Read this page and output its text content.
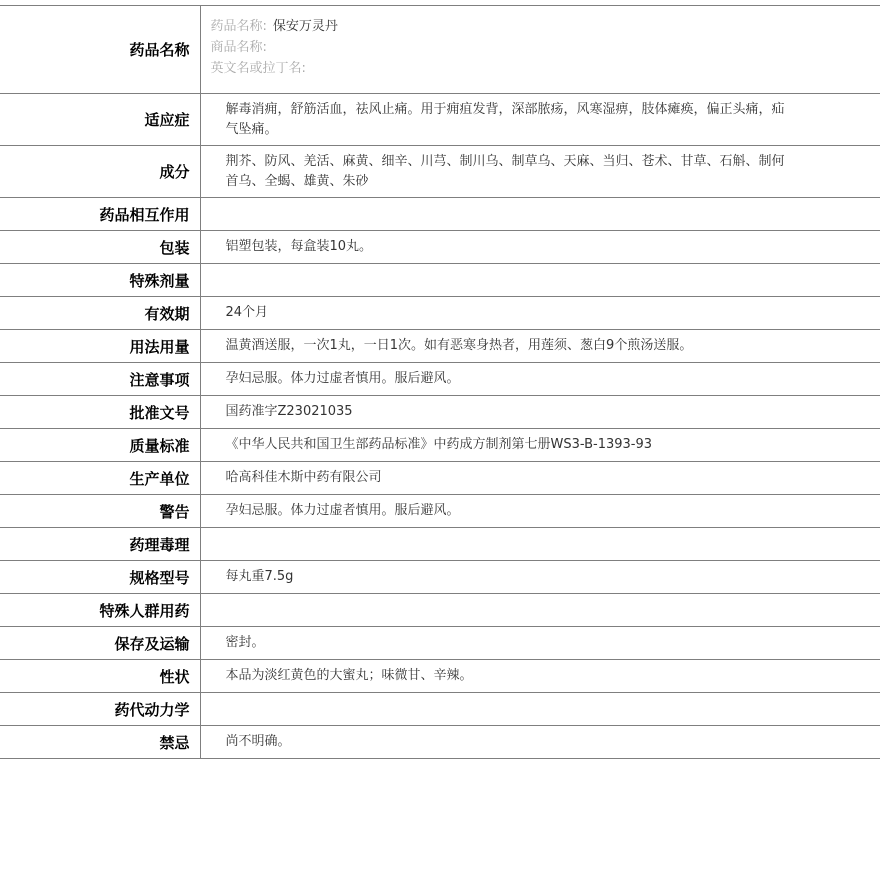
药品名称	药品名称: 保安万灵丹
商品名称:
英文名或拉丁名:

适应症	解毒消痈，舒筋活血，祛风止痛。用于痈疽发背，深部脓疡，风寒湿痹，肢体瘫痪，偏正头痛，疝气坠痛。
成分	荆芥、防风、羌活、麻黄、细辛、川芎、制川乌、制草乌、天麻、当归、苍术、甘草、石斛、制何首乌、全蝎、雄黄、朱砂
药品相互作用	
包装	铝塑包装，每盒装10丸。
特殊剂量	
有效期	24个月
用法用量	温黄酒送服，一次1丸，一日1次。如有恶寒身热者，用莲须、葱白9个煎汤送服。
注意事项	孕妇忌服。体力过虚者慎用。服后避风。
批准文号	国药准字Z23021035
质量标准	《中华人民共和国卫生部药品标准》中药成方制剂第七册WS3-B-1393-93
生产单位	哈高科佳木斯中药有限公司
警告	孕妇忌服。体力过虚者慎用。服后避风。
药理毒理	
规格型号	每丸重7.5g
特殊人群用药	
保存及运输	密封。
性状	本品为淡红黄色的大蜜丸；味微甘、辛辣。
药代动力学	
禁忌	尚不明确。
